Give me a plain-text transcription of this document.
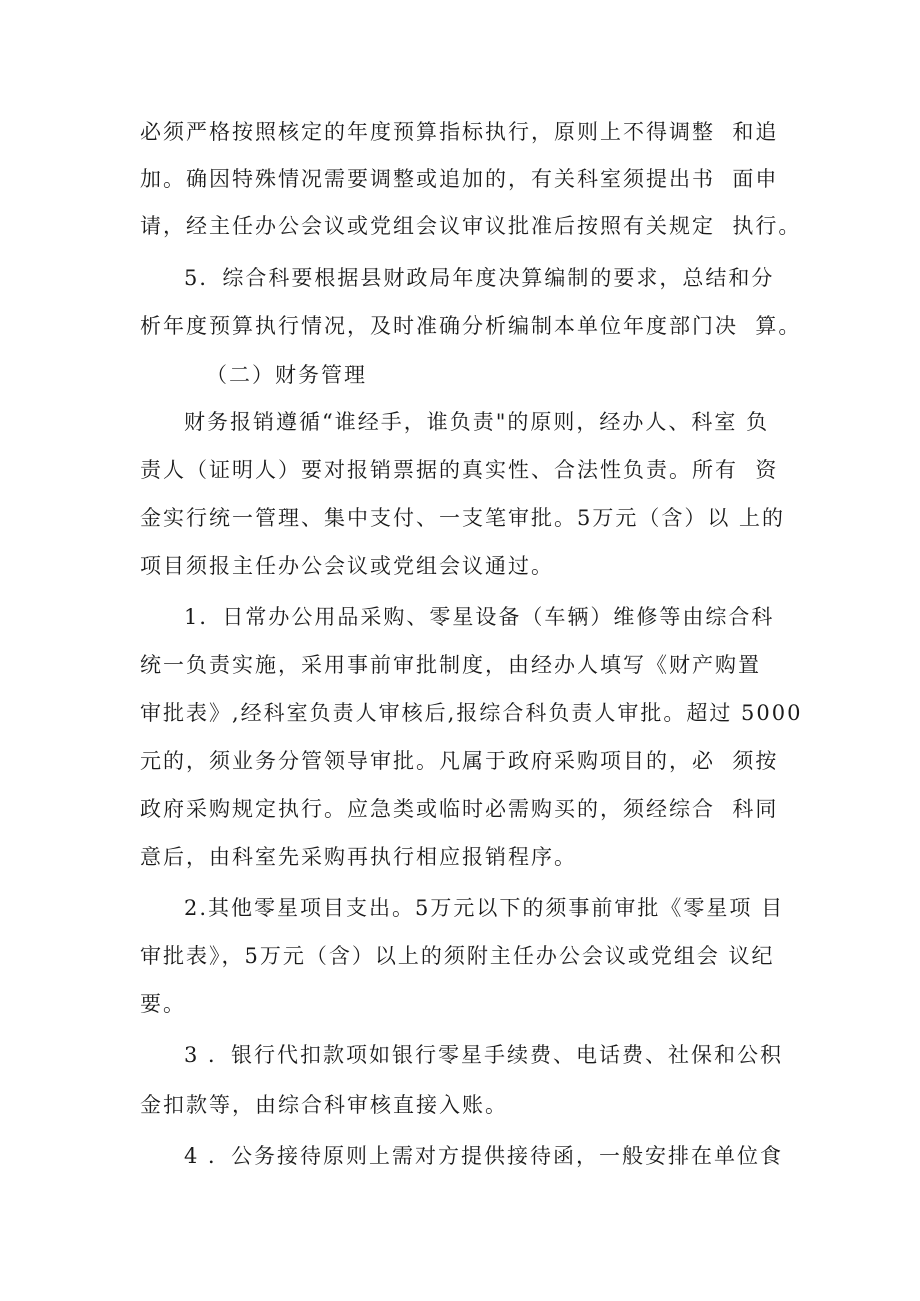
必须严格按照核定的年度预算指标执行，原则上不得调整  和追
加。确因特殊情况需要调整或追加的，有关科室须提出书  面申
请，经主任办公会议或党组会议审议批准后按照有关规定  执行。
5．综合科要根据县财政局年度决算编制的要求，总结和分
析年度预算执行情况，及时准确分析编制本单位年度部门决  算。
（二）财务管理
财务报销遵循“谁经手，谁负责"的原则，经办人、科室 负
责人（证明人）要对报销票据的真实性、合法性负责。所有  资
金实行统一管理、集中支付、一支笔审批。5万元（含）以 上的
项目须报主任办公会议或党组会议通过。
1．日常办公用品采购、零星设备（车辆）维修等由综合科
统一负责实施，采用事前审批制度，由经办人填写《财产购置
审批表》,经科室负责人审核后,报综合科负责人审批。超过 5000
元的，须业务分管领导审批。凡属于政府采购项目的，必  须按
政府采购规定执行。应急类或临时必需购买的，须经综合  科同
意后，由科室先采购再执行相应报销程序。
2.其他零星项目支出。5万元以下的须事前审批《零星项 目
审批表》，5万元（含）以上的须附主任办公会议或党组会 议纪
要。
3 ．银行代扣款项如银行零星手续费、电话费、社保和公积
金扣款等，由综合科审核直接入账。
4 ．公务接待原则上需对方提供接待函，一般安排在单位食
